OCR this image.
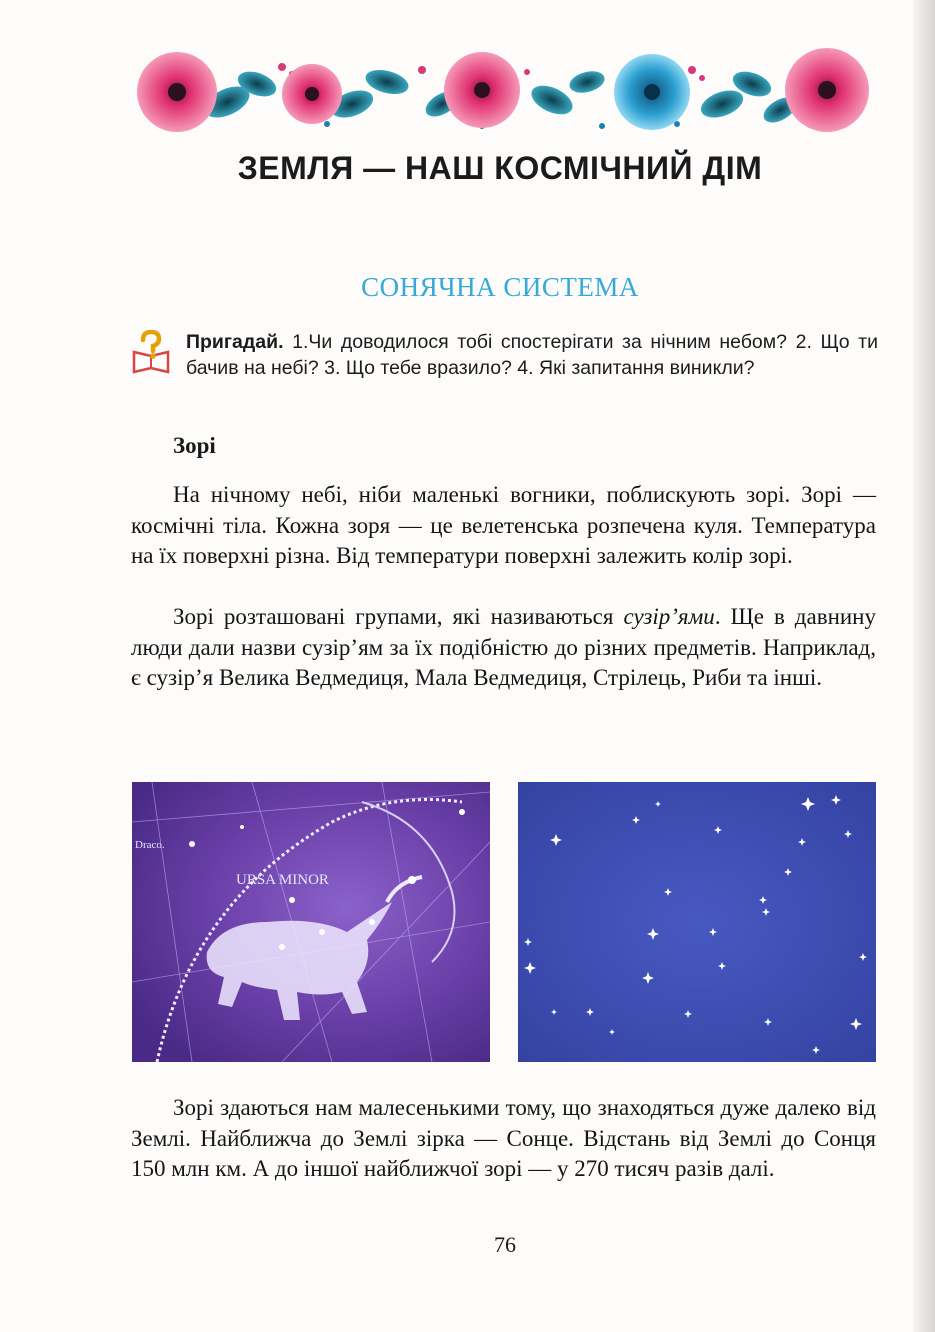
ЗЕМЛЯ — НАШ КОСМІЧНИЙ ДІМ
СОНЯЧНА СИСТЕМА
Пригадай. 1.Чи доводилося тобі спостерігати за нічним небом? 2. Що ти бачив на небі? 3. Що тебе вразило? 4. Які запитання виникли?
Зорі
На нічному небі, ніби маленькі вогники, поблискують зорі. Зорі — космічні тіла. Кожна зоря — це велетенська розпечена куля. Температура на їх поверхні різна. Від температури поверхні залежить колір зорі.
Зорі розташовані групами, які називаються сузір’ями. Ще в давнину люди дали назви сузір’ям за їх подібністю до різних предметів. Наприклад, є сузір’я Велика Ведмедиця, Мала Ведмедиця, Стрілець, Риби та інші.
URSA MINOR
Draco.
Зорі здаються нам малесенькими тому, що знаходяться дуже далеко від Землі. Найближча до Землі зірка — Сонце. Відстань від Землі до Сонця 150 млн км. А до іншої найближчої зорі — у 270 тисяч разів далі.
76
